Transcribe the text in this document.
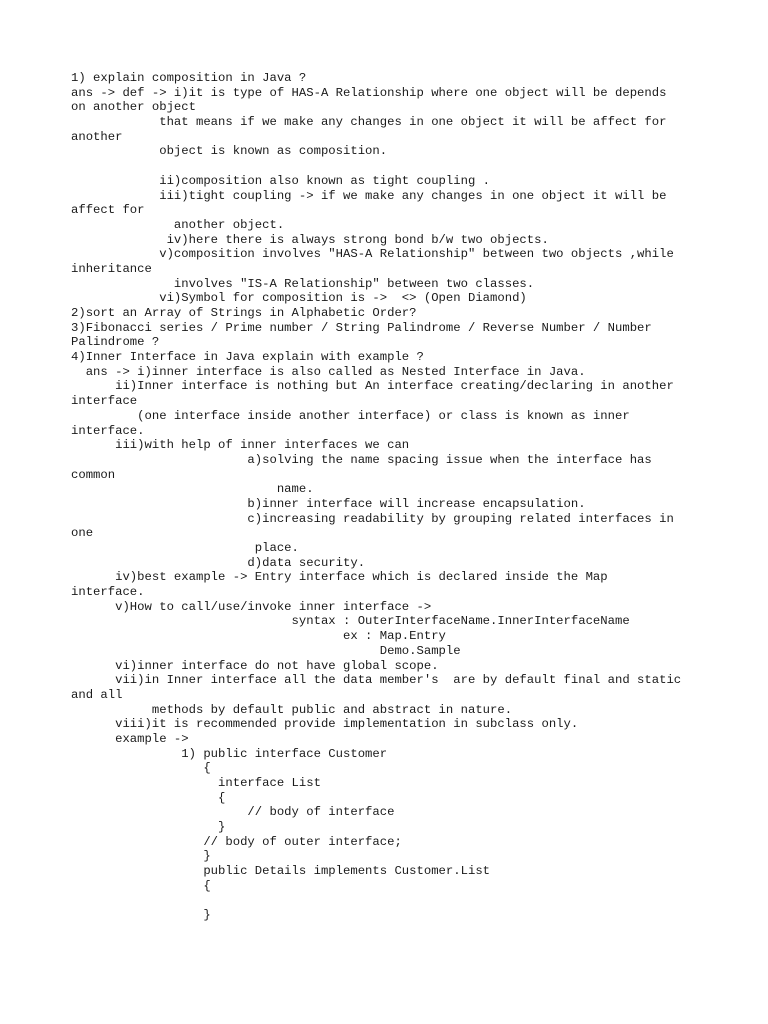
1) explain composition in Java ?
ans -> def -> i)it is type of HAS-A Relationship where one object will be depends
on another object
that means if we make any changes in one object it will be affect for
another
object is known as composition.
ii)composition also known as tight coupling .
iii)tight coupling -> if we make any changes in one object it will be
affect for
another object.
iv)here there is always strong bond b/w two objects.
v)composition involves "HAS-A Relationship" between two objects ,while
inheritance
involves "IS-A Relationship" between two classes.
vi)Symbol for composition is ->  <> (Open Diamond)
2)sort an Array of Strings in Alphabetic Order?
3)Fibonacci series / Prime number / String Palindrome / Reverse Number / Number
Palindrome ?
4)Inner Interface in Java explain with example ?
ans -> i)inner interface is also called as Nested Interface in Java.
ii)Inner interface is nothing but An interface creating/declaring in another
interface
(one interface inside another interface) or class is known as inner
interface.
iii)with help of inner interfaces we can
a)solving the name spacing issue when the interface has
common
name.
b)inner interface will increase encapsulation.
c)increasing readability by grouping related interfaces in
one
place.
d)data security.
iv)best example -> Entry interface which is declared inside the Map
interface.
v)How to call/use/invoke inner interface ->
syntax : OuterInterfaceName.InnerInterfaceName
ex : Map.Entry
Demo.Sample
vi)inner interface do not have global scope.
vii)in Inner interface all the data member's  are by default final and static
and all
methods by default public and abstract in nature.
viii)it is recommended provide implementation in subclass only.
example ->
1) public interface Customer
{
interface List
{
// body of interface
}
// body of outer interface;
}
public Details implements Customer.List
{
}
